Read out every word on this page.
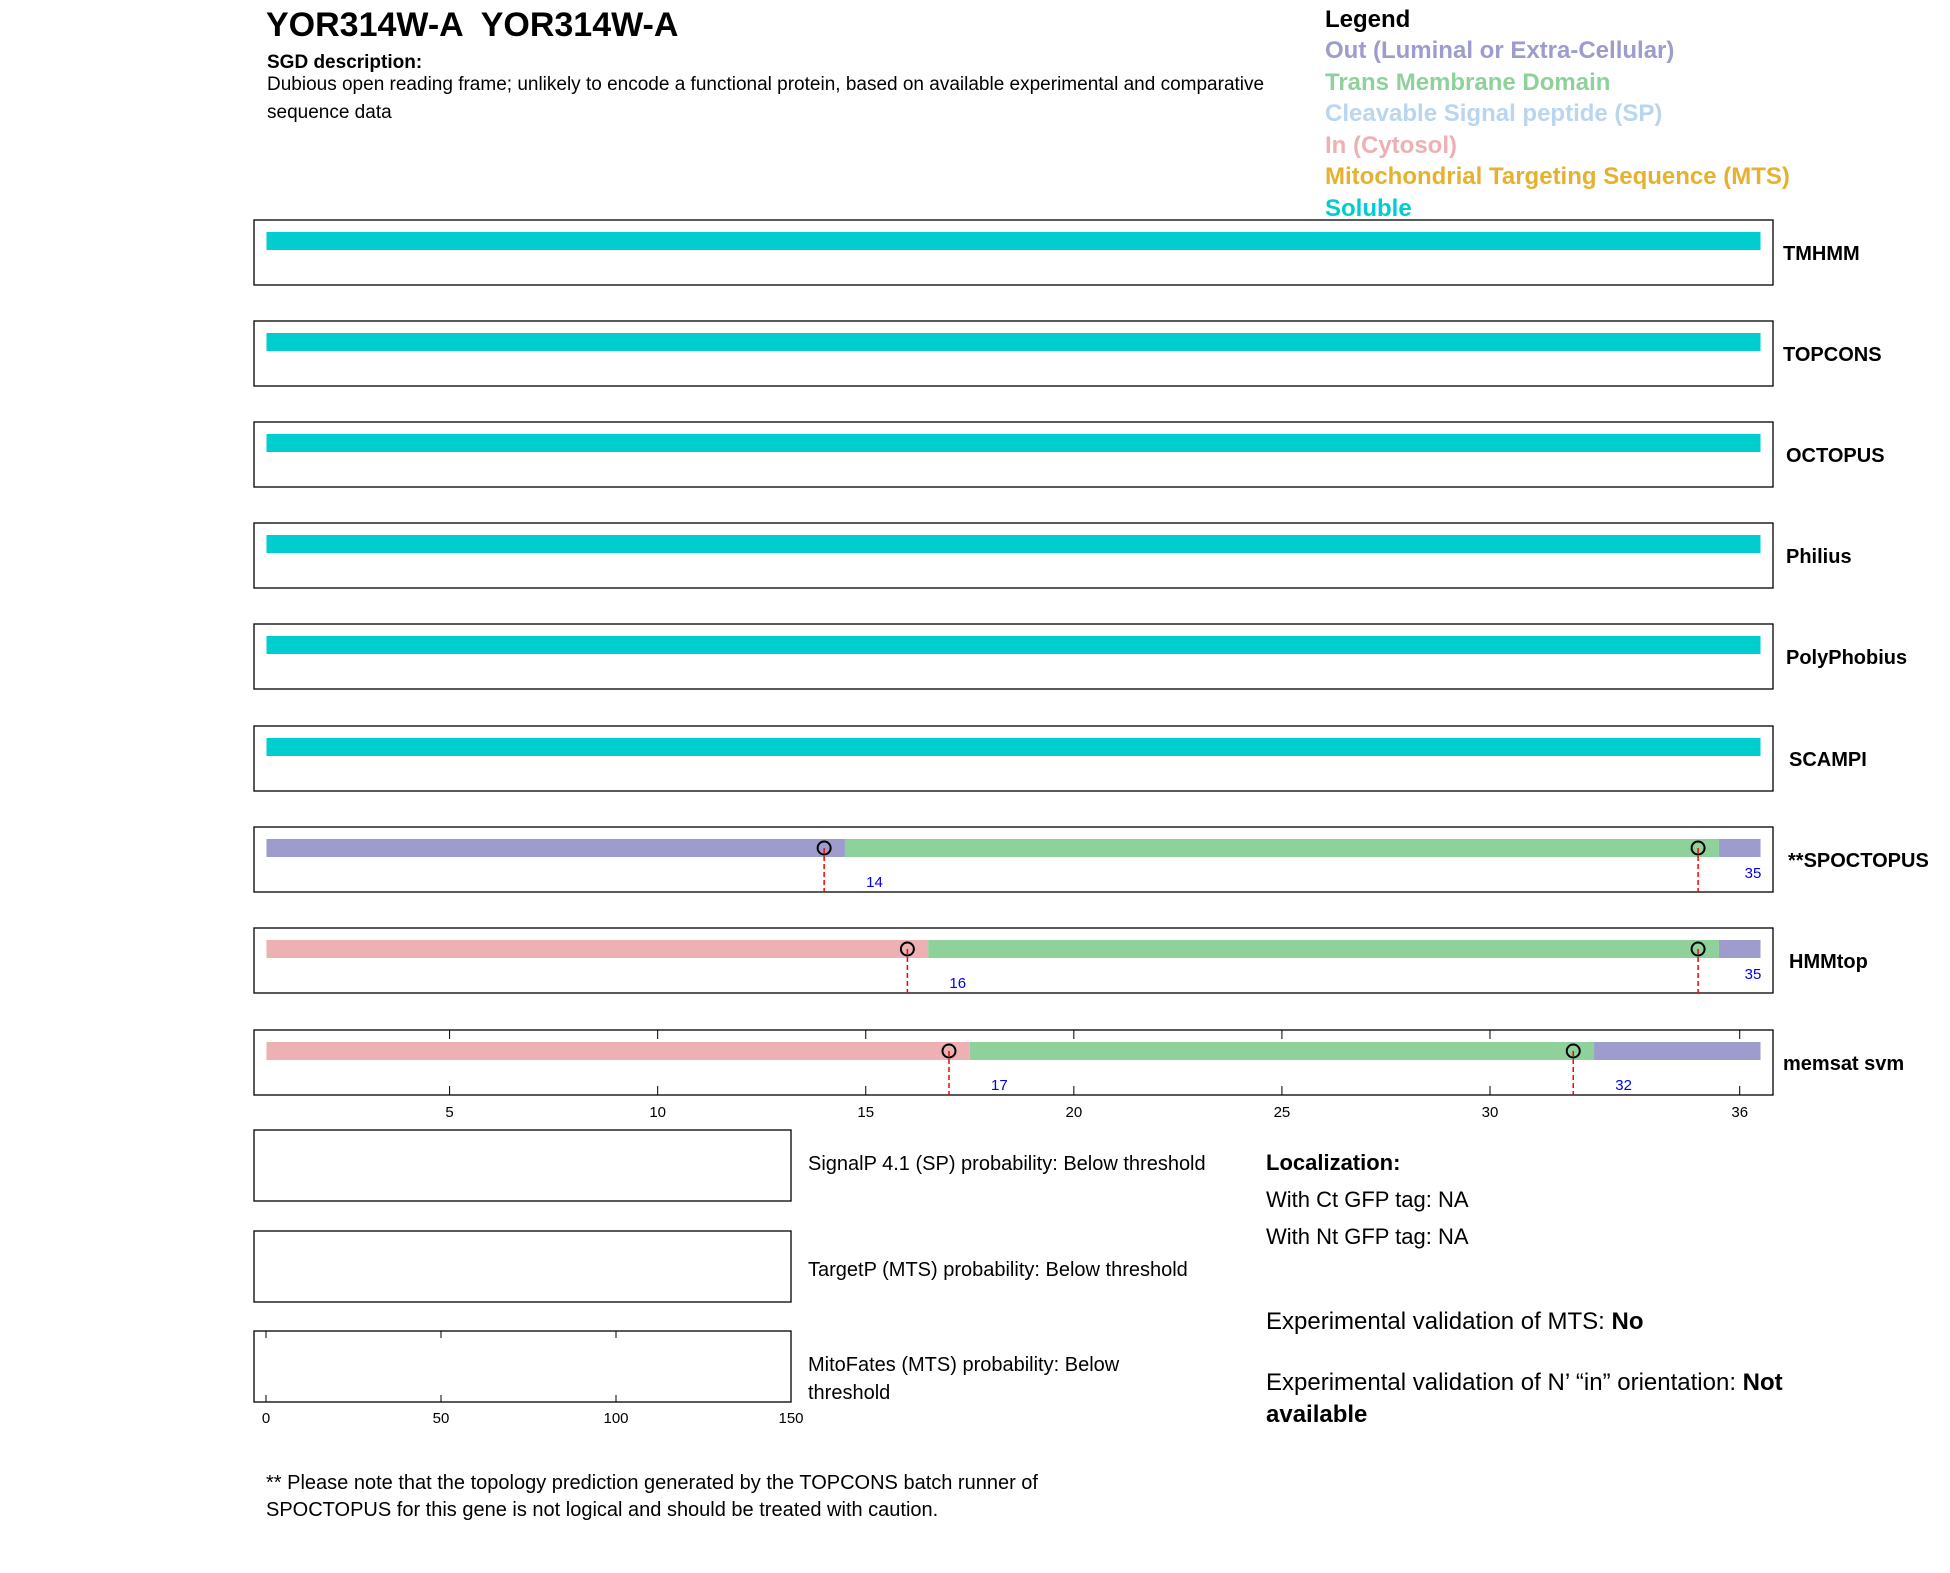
YOR314W-A  YOR314W-A
SGD description:
Dubious open reading frame; unlikely to encode a functional protein, based on available experimental and comparative sequence data
Legend
Out (Luminal or Extra-Cellular)
Trans Membrane Domain
Cleavable Signal peptide (SP)
In (Cytosol)
Mitochondrial Targeting Sequence (MTS)
Soluble
TMHMM
TOPCONS
OCTOPUS
Philius
PolyPhobius
SCAMPI
**SPOCTOPUS
14
35
HMMtop
16
35
memsat svm
17	32
5	10	15	20	25	30	36
0	50	100	150
SignalP 4.1 (SP) probability: Below threshold
TargetP (MTS) probability: Below threshold
MitoFates (MTS) probability: Below threshold
Localization:
With Ct GFP tag: NA
With Nt GFP tag: NA
Experimental validation of MTS: No
Experimental validation of N’ “in” orientation: Not available
** Please note that the topology prediction generated by the TOPCONS batch runner of SPOCTOPUS for this gene is not logical and should be treated with caution.
